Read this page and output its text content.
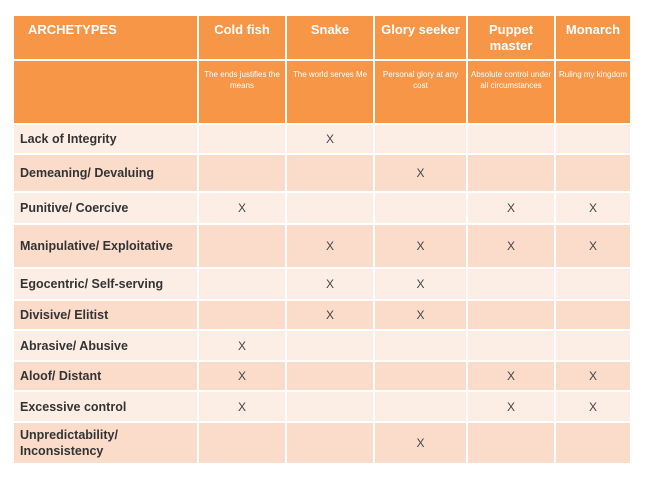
ARCHETYPES	Cold fish	Snake	Glory seeker	Puppet master	Monarch
	The ends justifies the means	The world serves Me	Personal glory at any cost	Absolute control under all circumstances	Ruling my kingdom
Lack of Integrity		X			
Demeaning/ Devaluing			X		
Punitive/ Coercive	X			X	X
Manipulative/ Exploitative		X	X	X	X
Egocentric/ Self-serving		X	X		
Divisive/ Elitist		X	X		
Abrasive/ Abusive	X				
Aloof/ Distant	X			X	X
Excessive control	X			X	X
Unpredictability/ Inconsistency			X		
